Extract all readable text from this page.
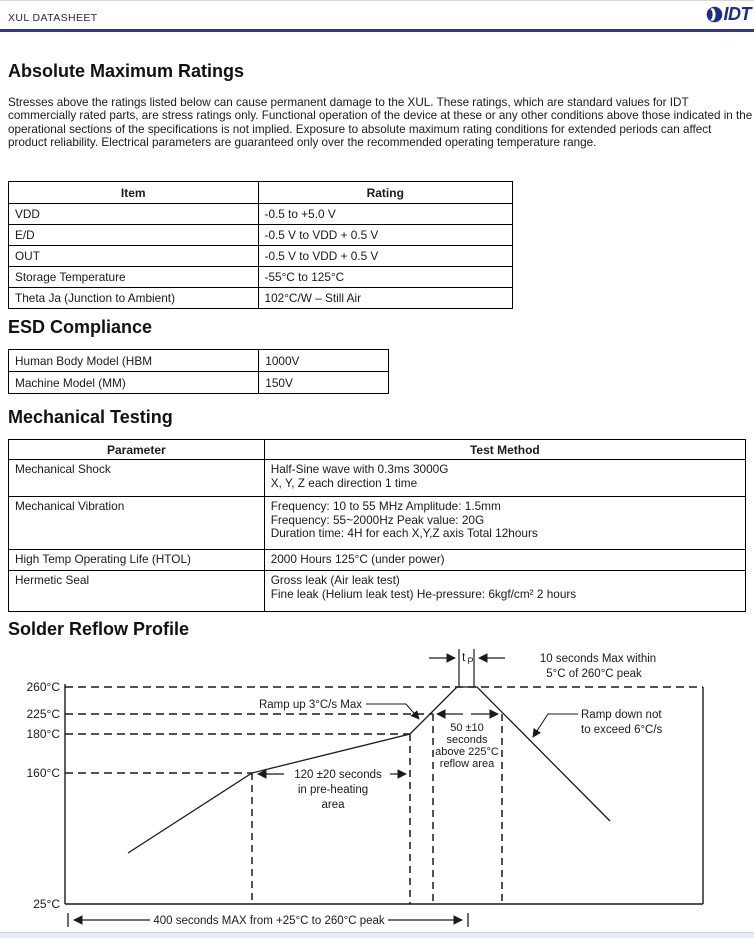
XUL DATASHEET	IDT
Absolute Maximum Ratings
Stresses above the ratings listed below can cause permanent damage to the XUL. These ratings, which are standard values for IDT commercially rated parts, are stress ratings only. Functional operation of the device at these or any other conditions above those indicated in the operational sections of the specifications is not implied. Exposure to absolute maximum rating conditions for extended periods can affect product reliability. Electrical parameters are guaranteed only over the recommended operating temperature range.
Item	Rating
VDD	-0.5 to +5.0 V
E/D	-0.5 V to VDD + 0.5 V
OUT	-0.5 V to VDD + 0.5 V
Storage Temperature	-55°C to 125°C
Theta Ja (Junction to Ambient)	102°C/W – Still Air
ESD Compliance
Human Body Model (HBM	1000V
Machine Model (MM)	150V
Mechanical Testing
Parameter	Test Method
Mechanical Shock	Half-Sine wave with 0.3ms 3000G
X, Y, Z each direction 1 time

Mechanical Vibration	Frequency: 10 to 55 MHz Amplitude: 1.5mm
Frequency: 55~2000Hz Peak value: 20G
Duration time: 4H for each X,Y,Z axis Total 12hours

High Temp Operating Life (HTOL)	2000 Hours 125°C (under power)

Hermetic Seal	Gross leak (Air leak test)
Fine leak (Helium leak test) He-pressure: 6kgf/cm² 2 hours
Solder Reflow Profile
t P	10 seconds Max within
5°C of 260°C peak
260°C
225°C
180°C
160°C
25°C
Ramp up 3°C/s Max
Ramp down not
to exceed 6°C/s
50 ±10
seconds
above 225°C
reflow area
120 ±20 seconds
in pre-heating
area
400 seconds MAX from +25°C to 260°C peak
